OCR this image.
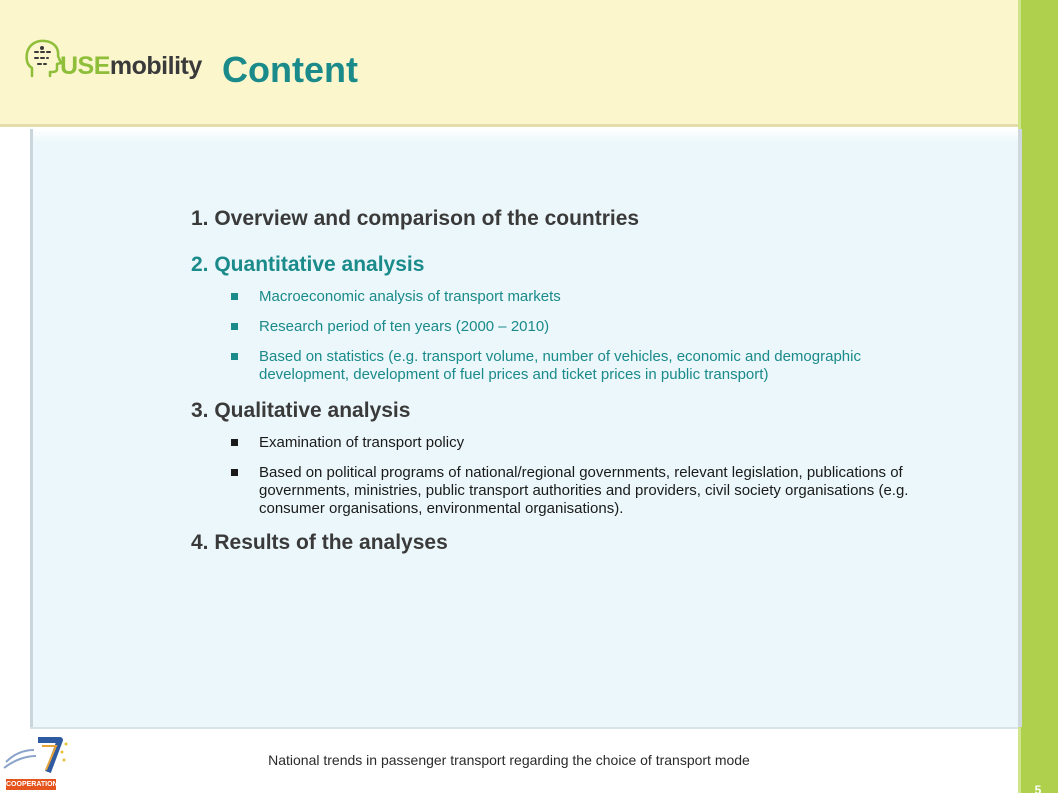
USEmobility Content

1. Overview and comparison of the countries

2. Quantitative analysis

Macroeconomic analysis of transport markets
Research period of ten years (2000 – 2010)
Based on statistics (e.g. transport volume, number of vehicles, economic and demographic development, development of fuel prices and ticket prices in public transport)

3. Qualitative analysis

Examination of transport policy
Based on political programs of national/regional governments, relevant legislation, publications of governments, ministries, public transport authorities and providers, civil society organisations (e.g. consumer organisations, environmental organisations).

4. Results of the analyses

COOPERATION
National trends in passenger transport regarding the choice of transport mode
5
